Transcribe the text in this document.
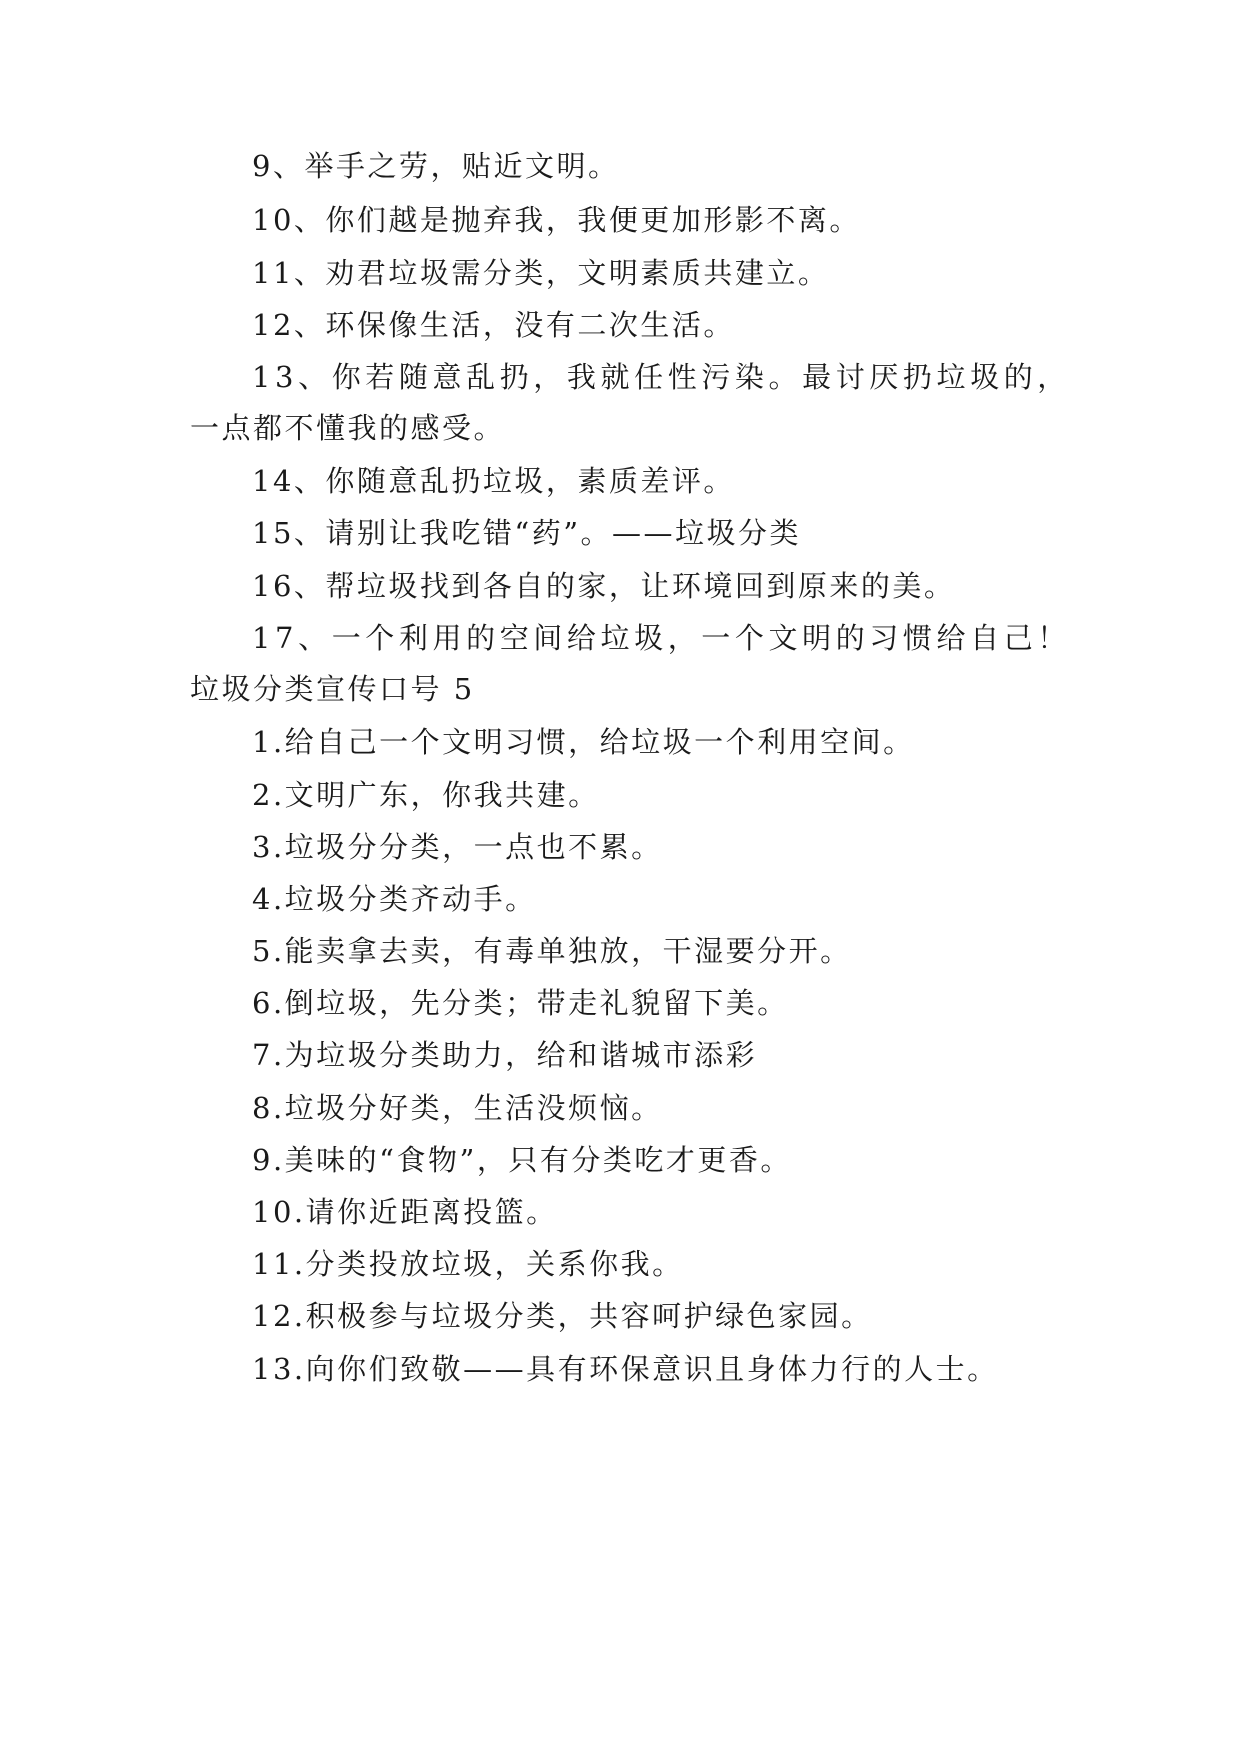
9、举手之劳，贴近文明。
10、你们越是抛弃我，我便更加形影不离。
11、劝君垃圾需分类，文明素质共建立。
12、环保像生活，没有二次生活。
13、你若随意乱扔，我就任性污染。最讨厌扔垃圾的，
一点都不懂我的感受。
14、你随意乱扔垃圾，素质差评。
15、请别让我吃错“药”。——垃圾分类
16、帮垃圾找到各自的家，让环境回到原来的美。
17、一个利用的空间给垃圾，一个文明的习惯给自己！
垃圾分类宣传口号 5
1.给自己一个文明习惯，给垃圾一个利用空间。
2.文明广东，你我共建。
3.垃圾分分类，一点也不累。
4.垃圾分类齐动手。
5.能卖拿去卖，有毒单独放，干湿要分开。
6.倒垃圾，先分类；带走礼貌留下美。
7.为垃圾分类助力，给和谐城市添彩
8.垃圾分好类，生活没烦恼。
9.美味的“食物”，只有分类吃才更香。
10.请你近距离投篮。
11.分类投放垃圾，关系你我。
12.积极参与垃圾分类，共容呵护绿色家园。
13.向你们致敬——具有环保意识且身体力行的人士。
